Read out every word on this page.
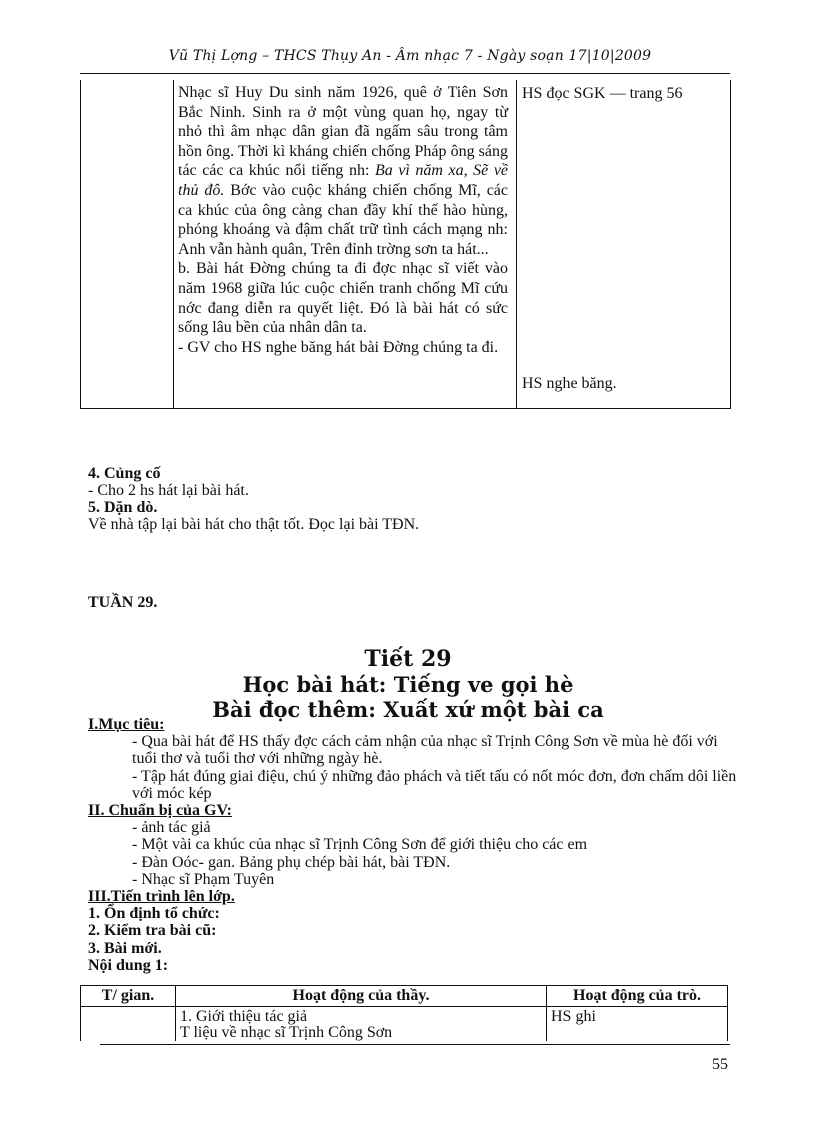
Vũ Thị Lợng – THCS Thụy An - Âm nhạc 7 - Ngày soạn 17|10|2009

Nhạc sĩ Huy Du sinh năm 1926, quê ở Tiên Sơn Bắc Ninh. Sinh ra ở một vùng quan họ, ngay từ nhỏ thì âm nhạc dân gian đã ngấm sâu trong tâm hồn ông. Thời kì kháng chiến chống Pháp ông sáng tác các ca khúc nổi tiếng nh: Ba vì năm xa, Sẽ về thủ đô. Bớc vào cuộc kháng chiến chống Mĩ, các ca khúc của ông càng chan đầy khí thế hào hùng, phóng khoáng và đậm chất trữ tình cách mạng nh: Anh vẫn hành quân, Trên đỉnh trờng sơn ta hát...

b. Bài hát Đờng chúng ta đi đợc nhạc sĩ viết vào năm 1968 giữa lúc cuộc chiến tranh chống Mĩ cứu nớc đang diễn ra quyết liệt. Đó là bài hát có sức sống lâu bền của nhân dân ta.

- GV cho HS nghe băng hát bài Đờng chúng ta đi.

HS đọc SGK — trang 56
HS nghe băng.
4. Củng cố
- Cho 2 hs hát lại bài hát.
5. Dặn dò.
Về nhà tập lại bài hát cho thật tốt. Đọc lại bài TĐN.
TUẦN 29.
Tiết 29
Học bài hát: Tiếng ve gọi hè
Bài đọc thêm: Xuất xứ một bài ca
I.Mục tiêu:
- Qua bài hát để HS thấy đợc cách cảm nhận của nhạc sĩ Trịnh Công Sơn về mùa hè đối với tuổi thơ và tuổi thơ với những ngày hè.
- Tập hát đúng giai điệu, chú ý những đảo phách và tiết tấu có nốt móc đơn, đơn chấm dôi liền với móc kép
II. Chuẩn bị của GV:
- ảnh tác giả
- Một vài ca khúc của nhạc sĩ Trịnh Công Sơn để giới thiệu cho các em
- Đàn Oóc- gan. Bảng phụ chép bài hát, bài TĐN.
- Nhạc sĩ Phạm Tuyên
III.Tiến trình lên lớp.
1. Ổn định tổ chức:
2. Kiểm tra bài cũ:
3. Bài mới.
Nội dung 1:
T/ gian.	Hoạt động của thầy.	Hoạt động của trò.
1. Giới thiệu tác giả
T liệu về nhạc sĩ Trịnh Công Sơn
HS ghi
55
